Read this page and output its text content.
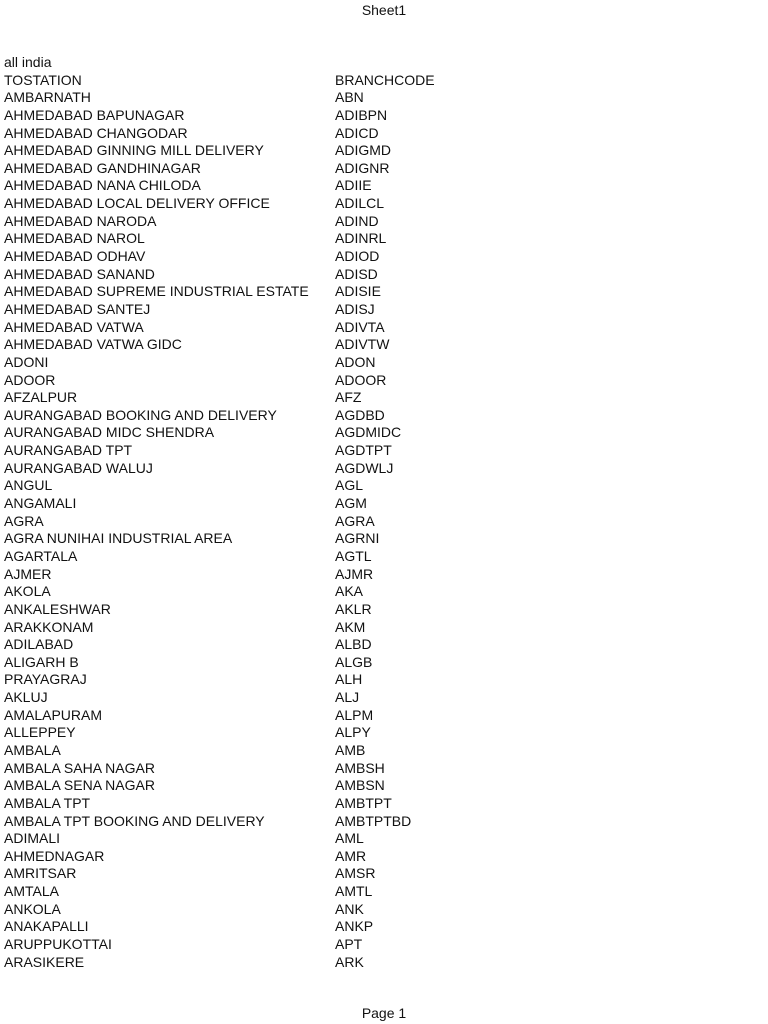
Sheet1
all india
TOSTATION	BRANCHCODE
AMBARNATH	ABN
AHMEDABAD BAPUNAGAR	ADIBPN
AHMEDABAD CHANGODAR	ADICD
AHMEDABAD GINNING MILL DELIVERY	ADIGMD
AHMEDABAD GANDHINAGAR	ADIGNR
AHMEDABAD NANA CHILODA	ADIIE
AHMEDABAD LOCAL DELIVERY OFFICE	ADILCL
AHMEDABAD NARODA	ADIND
AHMEDABAD NAROL	ADINRL
AHMEDABAD ODHAV	ADIOD
AHMEDABAD SANAND	ADISD
AHMEDABAD SUPREME INDUSTRIAL ESTATE	ADISIE
AHMEDABAD SANTEJ	ADISJ
AHMEDABAD VATWA	ADIVTA
AHMEDABAD VATWA GIDC	ADIVTW
ADONI	ADON
ADOOR	ADOOR
AFZALPUR	AFZ
AURANGABAD BOOKING AND DELIVERY	AGDBD
AURANGABAD MIDC SHENDRA	AGDMIDC
AURANGABAD TPT	AGDTPT
AURANGABAD WALUJ	AGDWLJ
ANGUL	AGL
ANGAMALI	AGM
AGRA	AGRA
AGRA NUNIHAI INDUSTRIAL AREA	AGRNI
AGARTALA	AGTL
AJMER	AJMR
AKOLA	AKA
ANKALESHWAR	AKLR
ARAKKONAM	AKM
ADILABAD	ALBD
ALIGARH B	ALGB
PRAYAGRAJ	ALH
AKLUJ	ALJ
AMALAPURAM	ALPM
ALLEPPEY	ALPY
AMBALA	AMB
AMBALA SAHA NAGAR	AMBSH
AMBALA SENA NAGAR	AMBSN
AMBALA TPT	AMBTPT
AMBALA TPT BOOKING AND DELIVERY	AMBTPTBD
ADIMALI	AML
AHMEDNAGAR	AMR
AMRITSAR	AMSR
AMTALA	AMTL
ANKOLA	ANK
ANAKAPALLI	ANKP
ARUPPUKOTTAI	APT
ARASIKERE	ARK
Page 1
